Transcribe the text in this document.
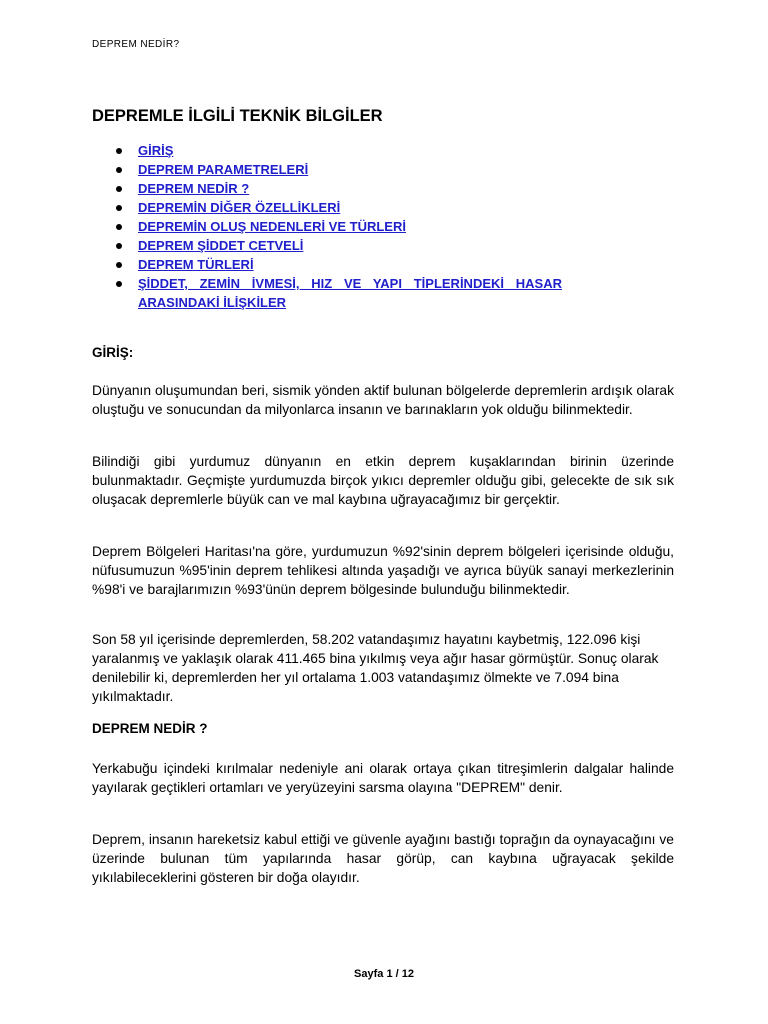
DEPREM NEDİR?
DEPREMLE İLGİLİ TEKNİK BİLGİLER
GİRİŞ
DEPREM PARAMETRELERİ
DEPREM NEDİR ?
DEPREMİN DİĞER ÖZELLİKLERİ
DEPREMİN OLUŞ NEDENLERİ VE TÜRLERİ
DEPREM ŞİDDET CETVELİ
DEPREM TÜRLERİ
ŞİDDET, ZEMİN İVMESİ, HIZ VE YAPI TİPLERİNDEKİ HASAR ARASINDAKİ İLİŞKİLER
GİRİŞ:

Dünyanın oluşumundan beri, sismik yönden aktif bulunan bölgelerde depremlerin ardışık olarak oluştuğu ve sonucundan da milyonlarca insanın ve barınakların yok olduğu bilinmektedir.

Bilindiği gibi yurdumuz dünyanın en etkin deprem kuşaklarından birinin üzerinde bulunmaktadır. Geçmişte yurdumuzda birçok yıkıcı depremler olduğu gibi, gelecekte de sık sık oluşacak depremlerle büyük can ve mal kaybına uğrayacağımız bir gerçektir.

Deprem Bölgeleri Haritası'na göre, yurdumuzun %92'sinin deprem bölgeleri içerisinde olduğu, nüfusumuzun %95'inin deprem tehlikesi altında yaşadığı ve ayrıca büyük sanayi merkezlerinin %98'i ve barajlarımızın %93'ünün deprem bölgesinde bulunduğu bilinmektedir.

Son 58 yıl içerisinde depremlerden, 58.202 vatandaşımız hayatını kaybetmiş, 122.096 kişi yaralanmış ve yaklaşık olarak 411.465 bina yıkılmış veya ağır hasar görmüştür. Sonuç olarak denilebilir ki, depremlerden her yıl ortalama 1.003 vatandaşımız ölmekte ve 7.094 bina yıkılmaktadır.

DEPREM NEDİR ?

Yerkabuğu içindeki kırılmalar nedeniyle ani olarak ortaya çıkan titreşimlerin dalgalar halinde yayılarak geçtikleri ortamları ve yeryüzeyini sarsma olayına "DEPREM" denir.

Deprem, insanın hareketsiz kabul ettiği ve güvenle ayağını bastığı toprağın da oynayacağını ve üzerinde bulunan tüm yapılarında hasar görüp, can kaybına uğrayacak şekilde yıkılabileceklerini gösteren bir doğa olayıdır.

Sayfa 1 / 12
